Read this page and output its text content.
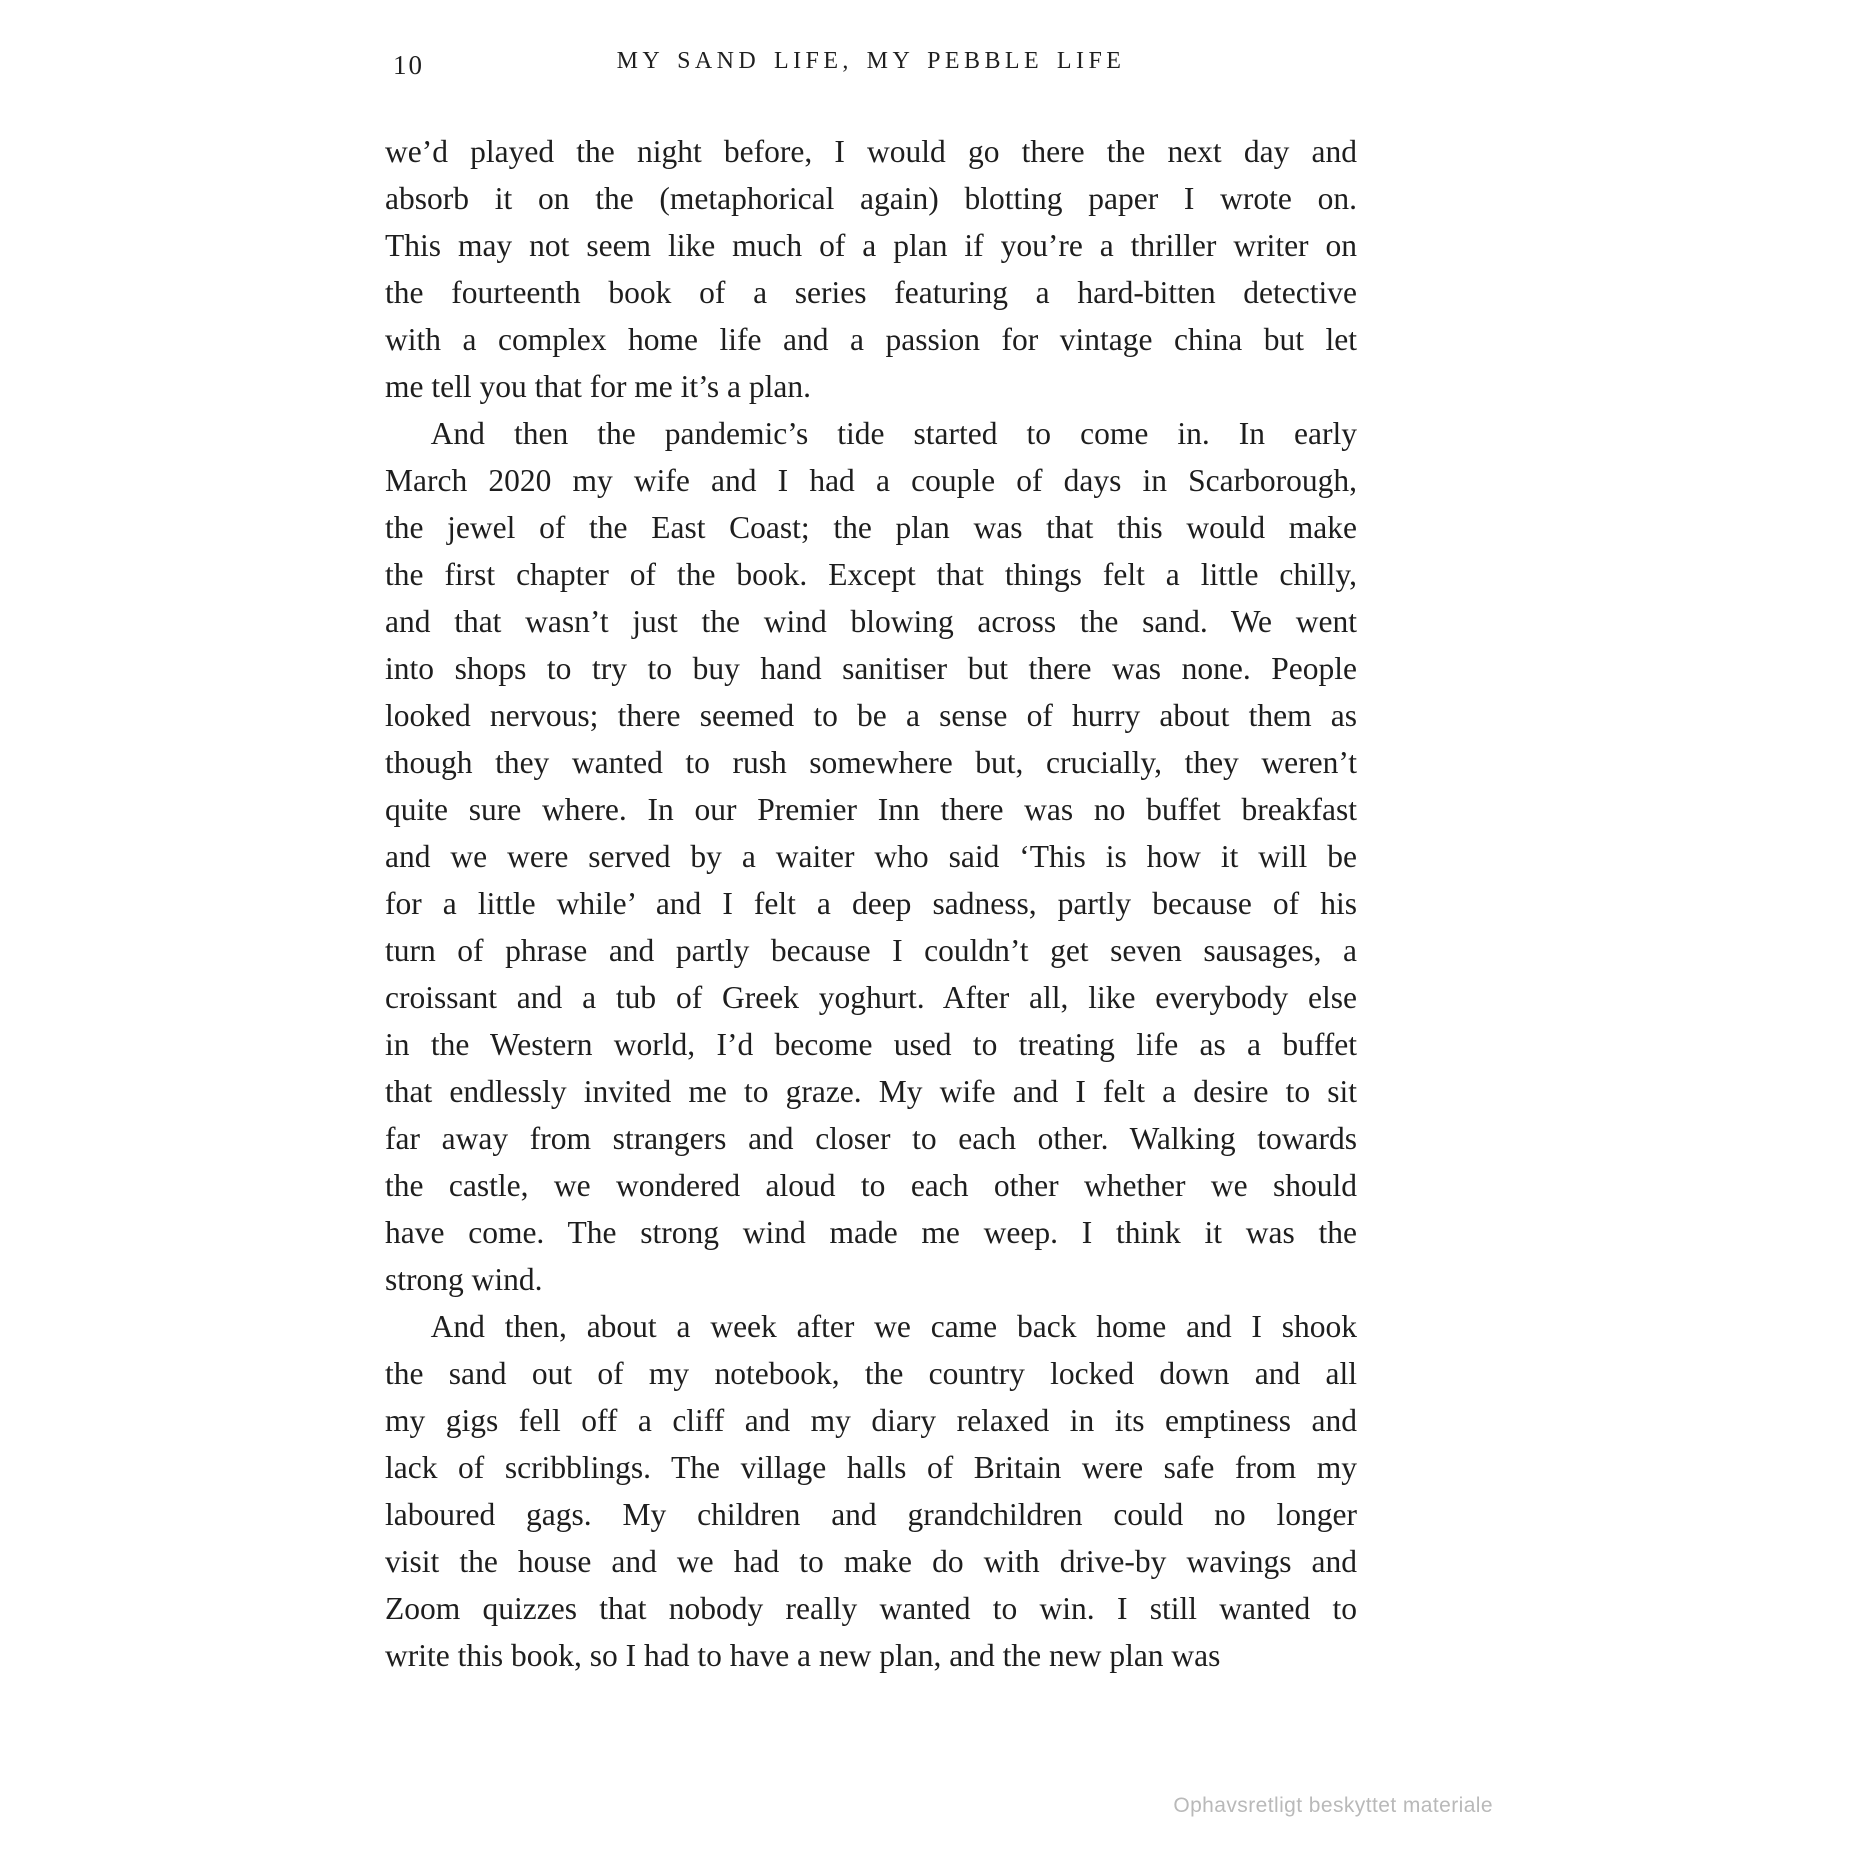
10	MY SAND LIFE, MY PEBBLE LIFE
we’d played the night before, I would go there the next day and
absorb it on the (metaphorical again) blotting paper I wrote on.
This may not seem like much of a plan if you’re a thriller writer on
the fourteenth book of a series featuring a hard-bitten detective
with a complex home life and a passion for vintage china but let
me tell you that for me it’s a plan.
And then the pandemic’s tide started to come in. In early
March 2020 my wife and I had a couple of days in Scarborough,
the jewel of the East Coast; the plan was that this would make
the first chapter of the book. Except that things felt a little chilly,
and that wasn’t just the wind blowing across the sand. We went
into shops to try to buy hand sanitiser but there was none. People
looked nervous; there seemed to be a sense of hurry about them as
though they wanted to rush somewhere but, crucially, they weren’t
quite sure where. In our Premier Inn there was no buffet breakfast
and we were served by a waiter who said ‘This is how it will be
for a little while’ and I felt a deep sadness, partly because of his
turn of phrase and partly because I couldn’t get seven sausages, a
croissant and a tub of Greek yoghurt. After all, like everybody else
in the Western world, I’d become used to treating life as a buffet
that endlessly invited me to graze. My wife and I felt a desire to sit
far away from strangers and closer to each other. Walking towards
the castle, we wondered aloud to each other whether we should
have come. The strong wind made me weep. I think it was the
strong wind.
And then, about a week after we came back home and I shook
the sand out of my notebook, the country locked down and all
my gigs fell off a cliff and my diary relaxed in its emptiness and
lack of scribblings. The village halls of Britain were safe from my
laboured gags. My children and grandchildren could no longer
visit the house and we had to make do with drive-by wavings and
Zoom quizzes that nobody really wanted to win. I still wanted to
write this book, so I had to have a new plan, and the new plan was
Ophavsretligt beskyttet materiale
